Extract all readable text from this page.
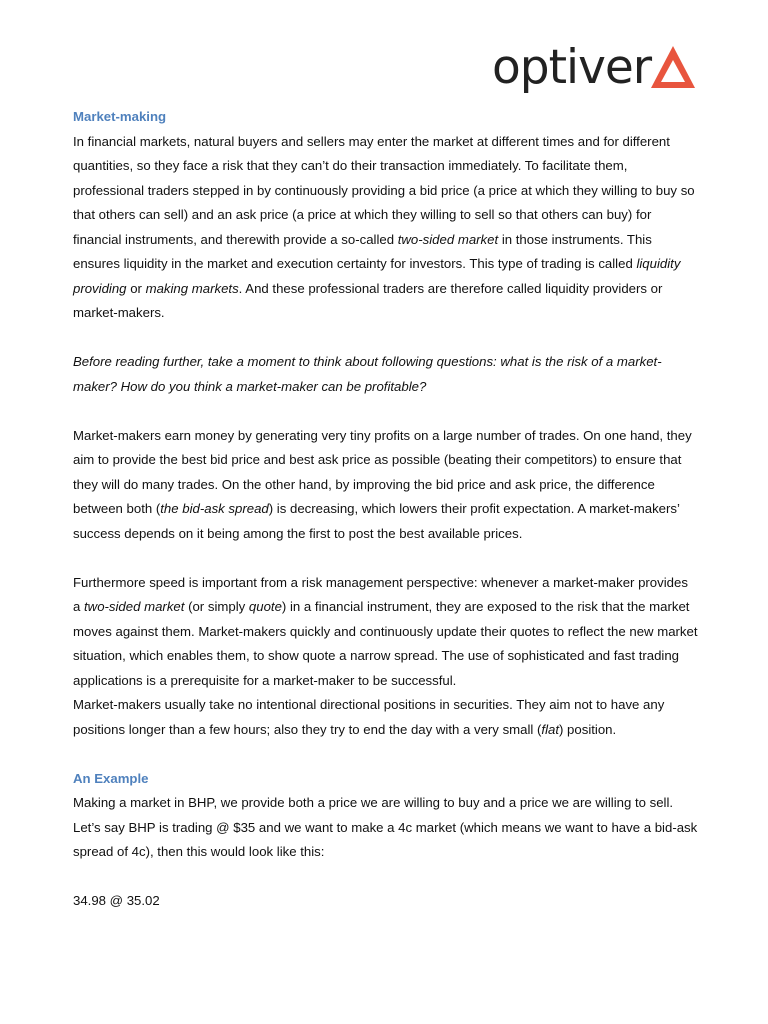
optiver
Market-making

In financial markets, natural buyers and sellers may enter the market at different times and for different quantities, so they face a risk that they can’t do their transaction immediately. To facilitate them, professional traders stepped in by continuously providing a bid price (a price at which they willing to buy so that others can sell) and an ask price (a price at which they willing to sell so that others can buy) for financial instruments, and therewith provide a so-called two-sided market in those instruments. This ensures liquidity in the market and execution certainty for investors. This type of trading is called liquidity providing or making markets. And these professional traders are therefore called liquidity providers or market-makers.

Before reading further, take a moment to think about following questions: what is the risk of a market-maker? How do you think a market-maker can be profitable?

Market-makers earn money by generating very tiny profits on a large number of trades. On one hand, they aim to provide the best bid price and best ask price as possible (beating their competitors) to ensure that they will do many trades. On the other hand, by improving the bid price and ask price, the difference between both (the bid-ask spread) is decreasing, which lowers their profit expectation. A market-makers’ success depends on it being among the first to post the best available prices.

Furthermore speed is important from a risk management perspective: whenever a market-maker provides a two-sided market (or simply quote) in a financial instrument, they are exposed to the risk that the market moves against them. Market-makers quickly and continuously update their quotes to reflect the new market situation, which enables them, to show quote a narrow spread. The use of sophisticated and fast trading applications is a prerequisite for a market-maker to be successful.

Market-makers usually take no intentional directional positions in securities. They aim not to have any positions longer than a few hours; also they try to end the day with a very small (flat) position.

An Example

Making a market in BHP, we provide both a price we are willing to buy and a price we are willing to sell. Let’s say BHP is trading @ $35 and we want to make a 4c market (which means we want to have a bid-ask spread of 4c), then this would look like this:

34.98 @ 35.02
